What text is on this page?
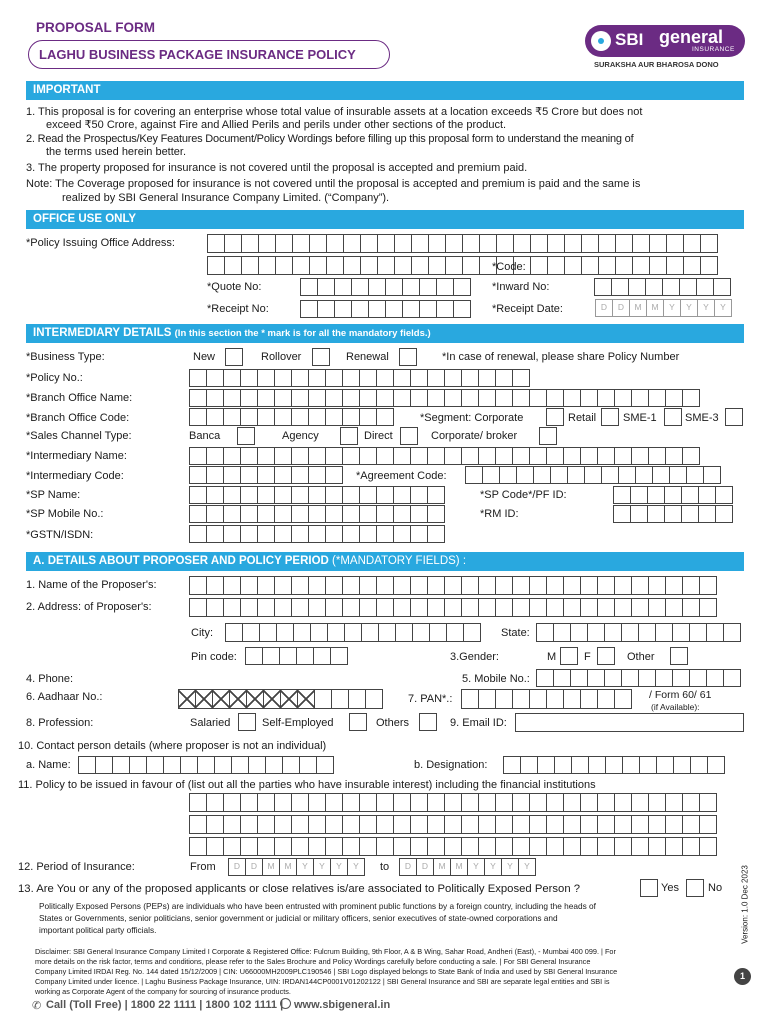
PROPOSAL FORM
LAGHU BUSINESS PACKAGE INSURANCE POLICY
SBI general
INSURANCE
SURAKSHA AUR BHAROSA DONO
IMPORTANT
1. This proposal is for covering an enterprise whose total value of insurable assets at a location exceeds ₹5 Crore but does not
exceed ₹50 Crore, against Fire and Allied Perils and perils under other sections of the product.
2. Read the Prospectus/Key Features Document/Policy Wordings before filling up this proposal form to understand the meaning of
the terms used herein better.
3. The property proposed for insurance is not covered until the proposal is accepted and premium paid.
Note: The Coverage proposed for insurance is not covered until the proposal is accepted and premium is paid and the same is
realized by SBI General Insurance Company Limited. (“Company”).
OFFICE USE ONLY
*Policy Issuing Office Address:
*Code:
*Quote No:	*Inward No:
*Receipt No:	*Receipt Date:	D	D	M	M	Y	Y	Y	Y
INTERMEDIARY DETAILS (In this section the * mark is for all the mandatory fields.)
*Business Type:	New	Rollover	Renewal	*In case of renewal, please share Policy Number
*Policy No.:
*Branch Office Name:
*Branch Office Code:	*Segment: Corporate	Retail SME-1	SME-3
*Sales Channel Type:	Banca	Agency	Direct	Corporate/ broker
*Intermediary Name:
*Intermediary Code:	*Agreement Code:
*SP Name:	*SP Code*/PF ID:
*SP Mobile No.:	*RM ID:
*GSTN/ISDN:
A. DETAILS ABOUT PROPOSER AND POLICY PERIOD (*MANDATORY FIELDS) :
1. Name of the Proposer's:
2. Address: of Proposer's:
City:	State:
Pin code:	3.Gender:	M	F	Other
4. Phone:	5. Mobile No.:
6. Aadhaar No.:	7. PAN*.:	/ Form 60/ 61
(if Available):
8. Profession:	Salaried	Self-Employed	Others	9. Email ID:
10. Contact person details (where proposer is not an individual)
a. Name:	b. Designation:
11. Policy to be issued in favour of (list out all the parties who have insurable interest) including the financial institutions
12. Period of Insurance:	From	D	D	M	M	Y	Y	Y	Y	to	D	D	M	M	Y	Y	Y	Y
13. Are You or any of the proposed applicants or close relatives is/are associated to Politically Exposed Person ?	Yes	No
Politically Exposed Persons (PEPs) are individuals who have been entrusted with prominent public functions by a foreign country, including the heads of
States or Governments, senior politicians, senior government or judicial or military officers, senior executives of state-owned corporations and
important political party officials.
Disclaimer: SBI General Insurance Company Limited I Corporate & Registered Office: Fulcrum Building, 9th Floor, A & B Wing, Sahar Road, Andheri (East), - Mumbai 400 099. | For
more details on the risk factor, terms and conditions, please refer to the Sales Brochure and Policy Wordings carefully before conducting a sale. | For SBI General Insurance
Company Limited IRDAI Reg. No. 144 dated 15/12/2009 | CIN: U66000MH2009PLC190546 | SBI Logo displayed belongs to State Bank of India and used by SBI General Insurance
Company Limited under licence. | Laghu Business Package Insurance, UIN: IRDAN144CP0001V01202122 | SBI General Insurance and SBI are separate legal entities and SBI is
working as Corporate Agent of the company for sourcing of insurance products.
1
Version: 1.0 Dec 2023
✆ Call (Toll Free) | 1800 22 1111 | 1800 102 1111 | www.sbigeneral.in
